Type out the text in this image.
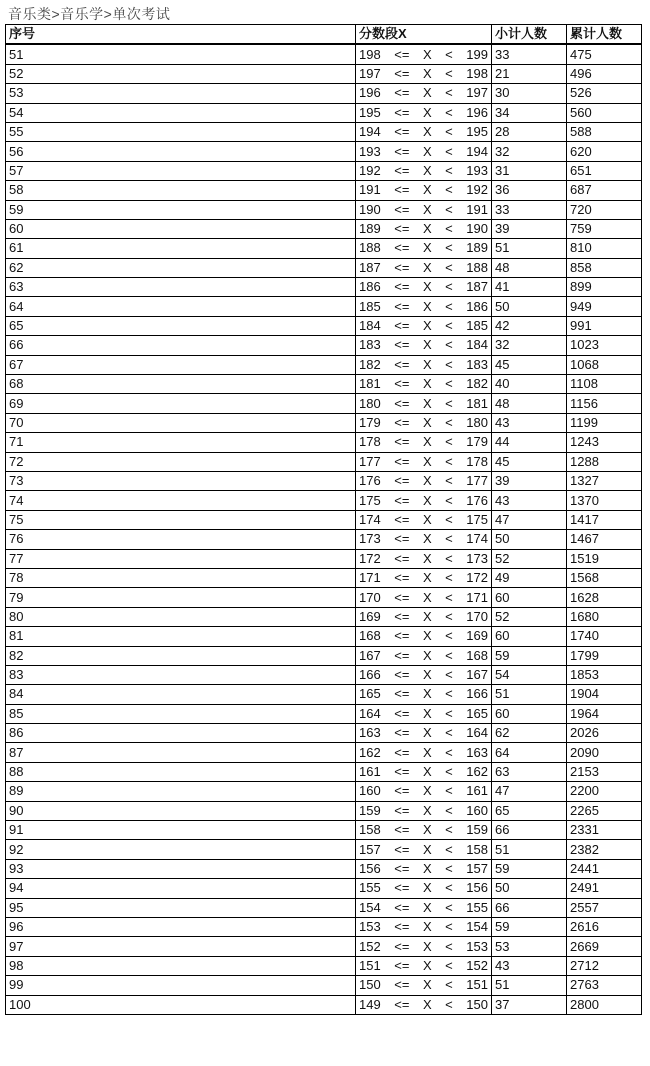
音乐类>音乐学>单次考试
序号	分数段X	小计人数	累计人数
51	198 <= X < 199	33	475
52	197 <= X < 198	21	496
53	196 <= X < 197	30	526
54	195 <= X < 196	34	560
55	194 <= X < 195	28	588
56	193 <= X < 194	32	620
57	192 <= X < 193	31	651
58	191 <= X < 192	36	687
59	190 <= X < 191	33	720
60	189 <= X < 190	39	759
61	188 <= X < 189	51	810
62	187 <= X < 188	48	858
63	186 <= X < 187	41	899
64	185 <= X < 186	50	949
65	184 <= X < 185	42	991
66	183 <= X < 184	32	1023
67	182 <= X < 183	45	1068
68	181 <= X < 182	40	1108
69	180 <= X < 181	48	1156
70	179 <= X < 180	43	1199
71	178 <= X < 179	44	1243
72	177 <= X < 178	45	1288
73	176 <= X < 177	39	1327
74	175 <= X < 176	43	1370
75	174 <= X < 175	47	1417
76	173 <= X < 174	50	1467
77	172 <= X < 173	52	1519
78	171 <= X < 172	49	1568
79	170 <= X < 171	60	1628
80	169 <= X < 170	52	1680
81	168 <= X < 169	60	1740
82	167 <= X < 168	59	1799
83	166 <= X < 167	54	1853
84	165 <= X < 166	51	1904
85	164 <= X < 165	60	1964
86	163 <= X < 164	62	2026
87	162 <= X < 163	64	2090
88	161 <= X < 162	63	2153
89	160 <= X < 161	47	2200
90	159 <= X < 160	65	2265
91	158 <= X < 159	66	2331
92	157 <= X < 158	51	2382
93	156 <= X < 157	59	2441
94	155 <= X < 156	50	2491
95	154 <= X < 155	66	2557
96	153 <= X < 154	59	2616
97	152 <= X < 153	53	2669
98	151 <= X < 152	43	2712
99	150 <= X < 151	51	2763
100	149 <= X < 150	37	2800
